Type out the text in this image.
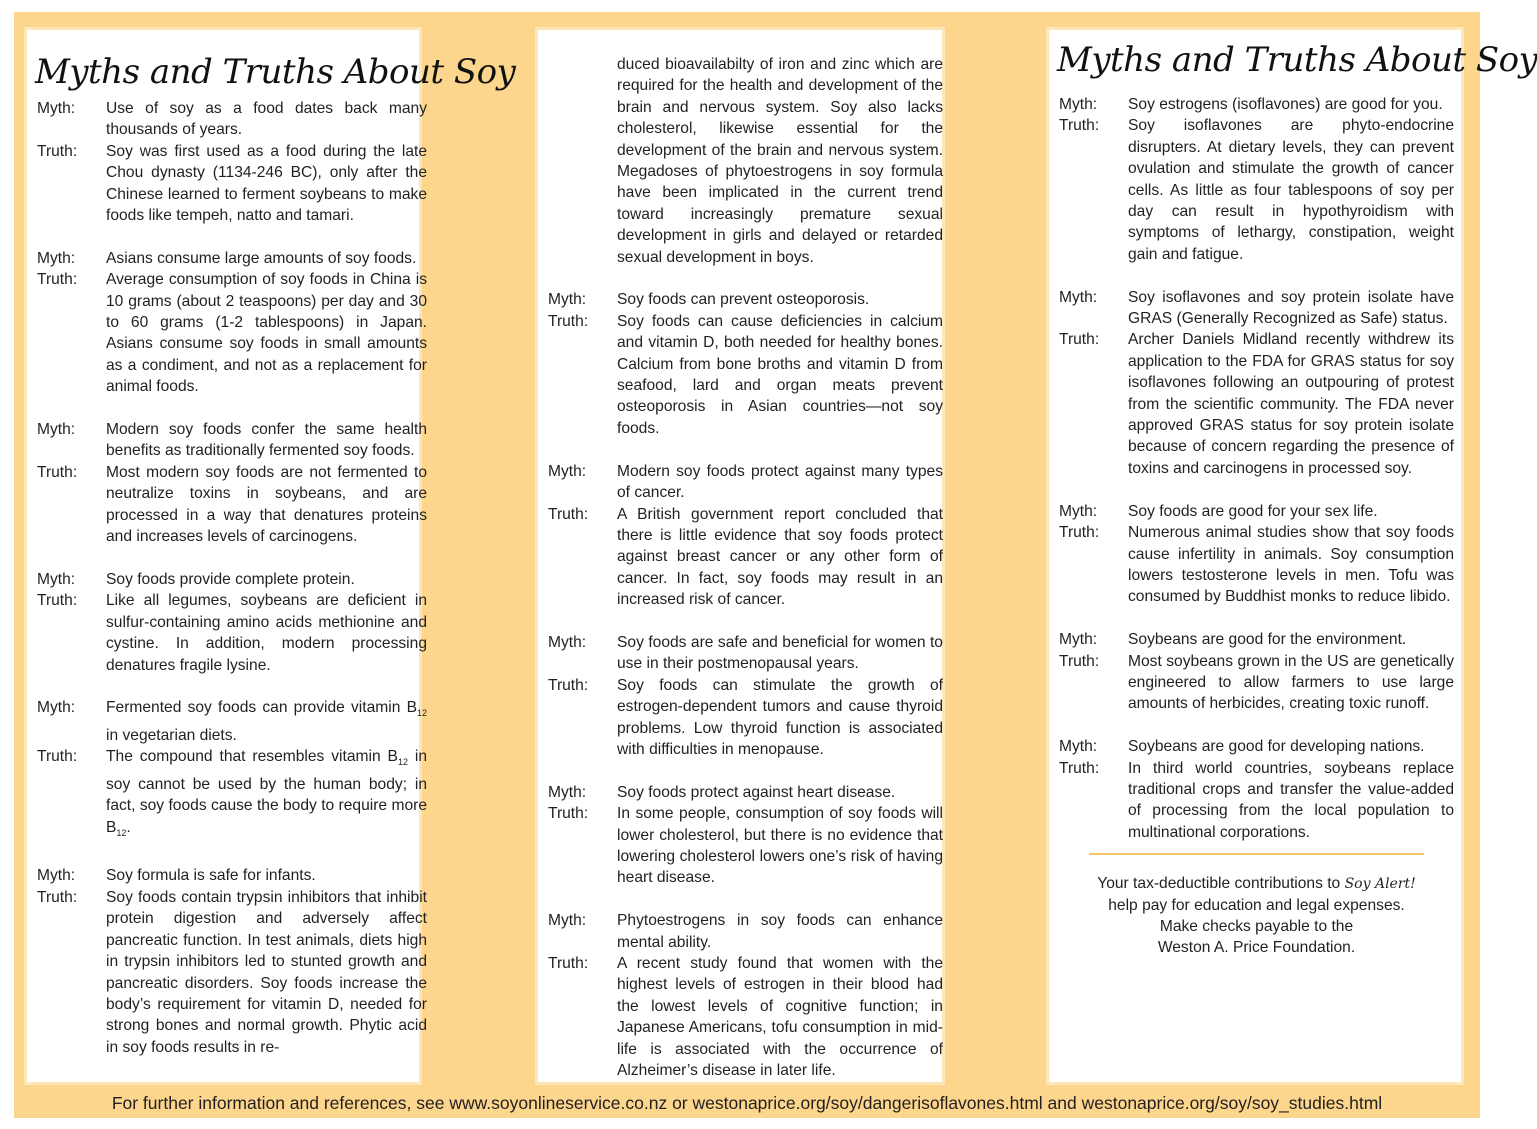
Myths and Truths About Soy
Myth:	Use of soy as a food dates back many thousands of years.
Truth:	Soy was first used as a food during the late Chou dynasty (1134-246 BC), only after the Chinese learned to ferment soybeans to make foods like tempeh, natto and tamari.
Myth:	Asians consume large amounts of soy foods.
Truth:	Average consumption of soy foods in China is 10 grams (about 2 teaspoons) per day and 30 to 60 grams (1-2 tablespoons) in Japan. Asians consume soy foods in small amounts as a condiment, and not as a replacement for animal foods.
Myth:	Modern soy foods confer the same health benefits as traditionally fermented soy foods.
Truth:	Most modern soy foods are not fermented to neutralize toxins in soybeans, and are processed in a way that denatures proteins and increases levels of carcinogens.
Myth:	Soy foods provide complete protein.
Truth:	Like all legumes, soybeans are deficient in sulfur-containing amino acids methionine and cystine. In addition, modern processing denatures fragile lysine.
Myth:	Fermented soy foods can provide vitamin $B_{12}$ in vegetarian diets.
Truth:	The compound that resembles vitamin $B_{12}$ in soy cannot be used by the human body; in fact, soy foods cause the body to require more $B_{12}$.
Myth:	Soy formula is safe for infants.
Truth:	Soy foods contain trypsin inhibitors that inhibit protein digestion and adversely affect pancreatic function. In test animals, diets high in trypsin inhibitors led to stunted growth and pancreatic disorders. Soy foods increase the body’s requirement for vitamin D, needed for strong bones and normal growth. Phytic acid in soy foods results in re-
duced bioavailabilty of iron and zinc which are required for the health and development of the brain and nervous system. Soy also lacks cholesterol, likewise essential for the development of the brain and nervous system. Megadoses of phytoestrogens in soy formula have been implicated in the current trend toward increasingly premature sexual development in girls and delayed or retarded sexual development in boys.
Myth:	Soy foods can prevent osteoporosis.
Truth:	Soy foods can cause deficiencies in calcium and vitamin D, both needed for healthy bones. Calcium from bone broths and vitamin D from seafood, lard and organ meats prevent osteoporosis in Asian countries—not soy foods.
Myth:	Modern soy foods protect against many types of cancer.
Truth:	A British government report concluded that there is little evidence that soy foods protect against breast cancer or any other form of cancer. In fact, soy foods may result in an increased risk of cancer.
Myth:	Soy foods are safe and beneficial for women to use in their postmenopausal years.
Truth:	Soy foods can stimulate the growth of estrogen-dependent tumors and cause thyroid problems. Low thyroid function is associated with difficulties in menopause.
Myth:	Soy foods protect against heart disease.
Truth:	In some people, consumption of soy foods will lower cholesterol, but there is no evidence that lowering cholesterol lowers one’s risk of having heart disease.
Myth:	Phytoestrogens in soy foods can enhance mental ability.
Truth:	A recent study found that women with the highest levels of estrogen in their blood had the lowest levels of cognitive function; in Japanese Americans, tofu consumption in mid-life is associated with the occurrence of Alzheimer’s disease in later life.
Myths and Truths About Soy
Myth:	Soy estrogens (isoflavones) are good for you.
Truth:	Soy isoflavones are phyto-endocrine disrupters. At dietary levels, they can prevent ovulation and stimulate the growth of cancer cells. As little as four tablespoons of soy per day can result in hypothyroidism with symptoms of lethargy, constipation, weight gain and fatigue.
Myth:	Soy isoflavones and soy protein isolate have GRAS (Generally Recognized as Safe) status.
Truth:	Archer Daniels Midland recently withdrew its application to the FDA for GRAS status for soy isoflavones following an outpouring of protest from the scientific community. The FDA never approved GRAS status for soy protein isolate because of concern regarding the presence of toxins and carcinogens in processed soy.
Myth:	Soy foods are good for your sex life.
Truth:	Numerous animal studies show that soy foods cause infertility in animals. Soy consumption lowers testosterone levels in men. Tofu was consumed by Buddhist monks to reduce libido.
Myth:	Soybeans are good for the environment.
Truth:	Most soybeans grown in the US are genetically engineered to allow farmers to use large amounts of herbicides, creating toxic runoff.
Myth:	Soybeans are good for developing nations.
Truth:	In third world countries, soybeans replace traditional crops and transfer the value-added of processing from the local population to multinational corporations.
Your tax-deductible contributions to Soy Alert!
help pay for education and legal expenses.
Make checks payable to the
Weston A. Price Foundation.
For further information and references, see www.soyonlineservice.co.nz or westonaprice.org/soy/dangerisoflavones.html and westonaprice.org/soy/soy_studies.html
